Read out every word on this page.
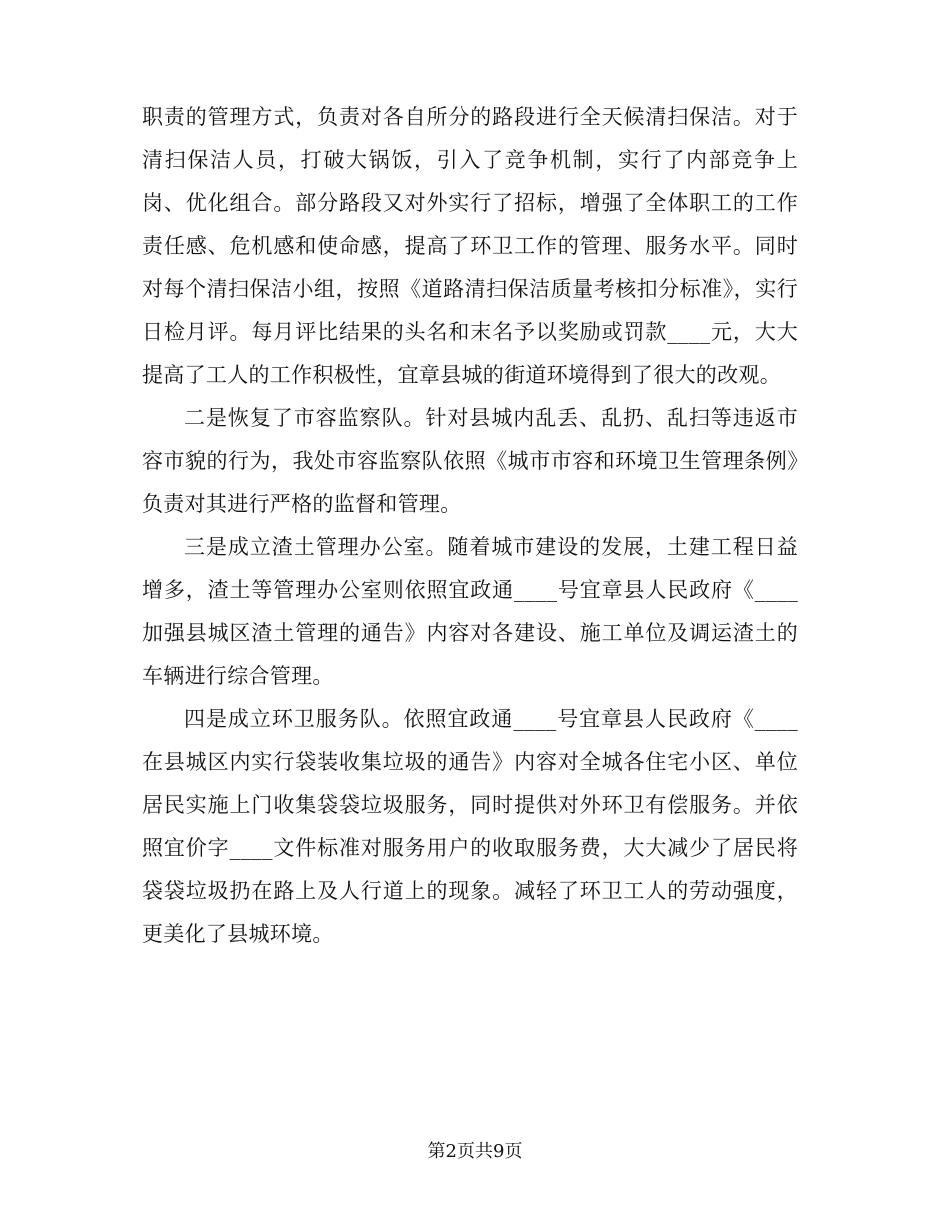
职责的管理方式，负责对各自所分的路段进行全天候清扫保洁。对于清扫保洁人员，打破大锅饭，引入了竞争机制，实行了内部竞争上岗、优化组合。部分路段又对外实行了招标，增强了全体职工的工作责任感、危机感和使命感，提高了环卫工作的管理、服务水平。同时对每个清扫保洁小组，按照《道路清扫保洁质量考核扣分标准》，实行日检月评。每月评比结果的头名和末名予以奖励或罚款____元，大大提高了工人的工作积极性，宜章县城的街道环境得到了很大的改观。

二是恢复了市容监察队。针对县城内乱丢、乱扔、乱扫等违返市容市貌的行为，我处市容监察队依照《城市市容和环境卫生管理条例》负责对其进行严格的监督和管理。

三是成立渣土管理办公室。随着城市建设的发展，土建工程日益增多，渣土等管理办公室则依照宜政通____号宜章县人民政府《____加强县城区渣土管理的通告》内容对各建设、施工单位及调运渣土的车辆进行综合管理。

四是成立环卫服务队。依照宜政通____号宜章县人民政府《____在县城区内实行袋装收集垃圾的通告》内容对全城各住宅小区、单位居民实施上门收集袋袋垃圾服务，同时提供对外环卫有偿服务。并依照宜价字____文件标准对服务用户的收取服务费，大大减少了居民将袋袋垃圾扔在路上及人行道上的现象。减轻了环卫工人的劳动强度，更美化了县城环境。

第2页共9页
